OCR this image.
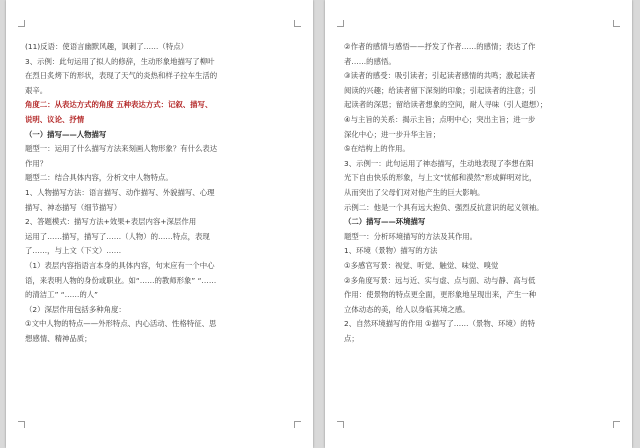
(11)反语：使语言幽默风趣，讽刺了……（特点）
3、示例：此句运用了拟人的修辞，生动形象地描写了柳叶
在烈日炙烤下的形状，表现了天气的炎热和样子拉车生活的
艰辛。
角度二：从表达方式的角度 五种表达方式：记叙、描写、
说明、议论、抒情
（一）描写——人物描写
题型一：运用了什么描写方法来刻画人物形象？有什么表达
作用？
题型二：结合具体内容，分析文中人物特点。
1、人物描写方法：语言描写、动作描写、外貌描写、心理
描写、神态描写（细节描写）
2、答题模式：描写方法+效果+表层内容+深层作用
运用了……描写，描写了……（人物）的……特点，表现
了……，与上文（下文）……
（1）表层内容指语言本身的具体内容，句末应有一个中心
语，来表明人物的身份或职业。如“……的教师形象” “……
的清洁工” “……的人”
（2）深层作用包括多种角度：
①文中人物的特点——外形特点、内心活动、性格特征、思
想感情、精神品质；
②作者的感情与感悟——抒发了作者……的感情；表达了作
者……的感悟。
③读者的感受：吸引读者；引起读者感情的共鸣；激起读者
阅读的兴趣；给读者留下深刻的印象；引起读者的注意；引
起读者的深思；留给读者想象的空间，耐人寻味（引人遐想）；
④与主旨的关系：揭示主旨；点明中心；突出主旨；进一步
深化中心；进一步升华主旨；
⑤在结构上的作用。
3、示例一：此句运用了神态描写，生动地表现了李想在阳
光下自由快乐的形象，与上文“忧郁和漠然”形成鲜明对比，
从而突出了父母们对对他产生的巨大影响。
示例二：他是一个具有远大抱负、强烈反抗意识的起义领袖。
（二）描写——环境描写
题型一：分析环境描写的方法及其作用。
1、环境（景物）描写的方法
①多感官写景：视觉、听觉、触觉、味觉、嗅觉
②多角度写景：远与近、实与虚、点与面、动与静、高与低
作用：使景物的特点更全面，更形象地呈现出来，产生一种
立体动态的美，给人以身临其境之感。
2、自然环境描写的作用 ①描写了……（景物、环境）的特
点；
